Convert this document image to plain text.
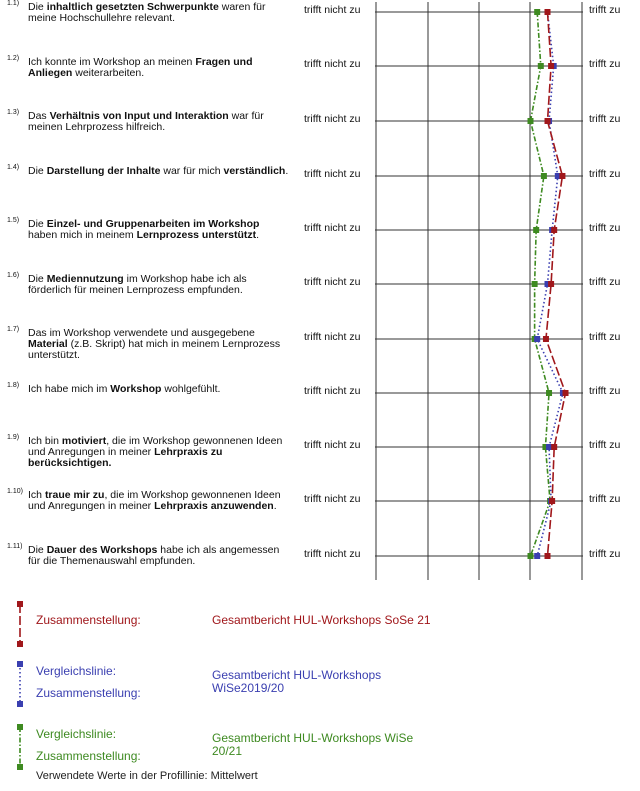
1.1) Die inhaltlich gesetzten Schwerpunkte waren für meine Hochschullehre relevant.
trifft nicht zu	trifft zu
1.2) Ich konnte im Workshop an meinen Fragen und Anliegen weiterarbeiten.
trifft nicht zu	trifft zu
1.3) Das Verhältnis von Input und Interaktion war für meinen Lehrprozess hilfreich.
trifft nicht zu	trifft zu
1.4) Die Darstellung der Inhalte war für mich verständlich. trifft nicht zu	trifft zu
1.5) Die Einzel- und Gruppenarbeiten im Workshop haben mich in meinem Lernprozess unterstützt.
trifft nicht zu	trifft zu
1.6) Die Mediennutzung im Workshop habe ich als förderlich für meinen Lernprozess empfunden.
trifft nicht zu	trifft zu
1.7) Das im Workshop verwendete und ausgegebene Material (z.B. Skript) hat mich in meinem Lernprozess unterstützt.
trifft nicht zu	trifft zu
1.8) Ich habe mich im Workshop wohlgefühlt.	trifft nicht zu	trifft zu
1.9) Ich bin motiviert, die im Workshop gewonnenen Ideen und Anregungen in meiner Lehrpraxis zu berücksichtigen.
trifft nicht zu	trifft zu
1.10) Ich traue mir zu, die im Workshop gewonnenen Ideen und Anregungen in meiner Lehrpraxis anzuwenden.
trifft nicht zu	trifft zu
1.11) Die Dauer des Workshops habe ich als angemessen für die Themenauswahl empfunden.
trifft nicht zu	trifft zu
Zusammenstellung:	Gesamtbericht HUL-Workshops SoSe 21
Vergleichslinie:
Zusammenstellung:
Gesamtbericht HUL-Workshops
WiSe2019/20
Vergleichslinie:
Zusammenstellung:
Gesamtbericht HUL-Workshops WiSe
20/21
Verwendete Werte in der Profillinie: Mittelwert
